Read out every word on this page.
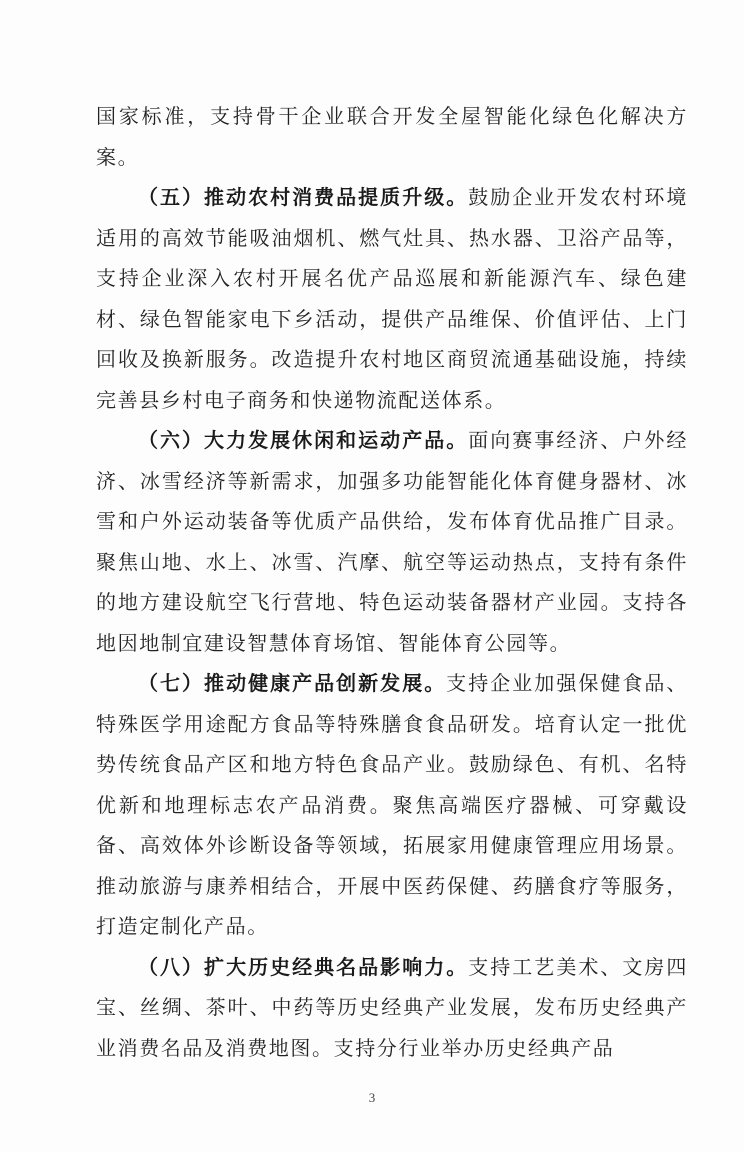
国家标准，支持骨干企业联合开发全屋智能化绿色化解决方案。

（五）推动农村消费品提质升级。鼓励企业开发农村环境适用的高效节能吸油烟机、燃气灶具、热水器、卫浴产品等，支持企业深入农村开展名优产品巡展和新能源汽车、绿色建材、绿色智能家电下乡活动，提供产品维保、价值评估、上门回收及换新服务。改造提升农村地区商贸流通基础设施，持续完善县乡村电子商务和快递物流配送体系。

（六）大力发展休闲和运动产品。面向赛事经济、户外经济、冰雪经济等新需求，加强多功能智能化体育健身器材、冰雪和户外运动装备等优质产品供给，发布体育优品推广目录。聚焦山地、水上、冰雪、汽摩、航空等运动热点，支持有条件的地方建设航空飞行营地、特色运动装备器材产业园。支持各地因地制宜建设智慧体育场馆、智能体育公园等。

（七）推动健康产品创新发展。支持企业加强保健食品、特殊医学用途配方食品等特殊膳食食品研发。培育认定一批优势传统食品产区和地方特色食品产业。鼓励绿色、有机、名特优新和地理标志农产品消费。聚焦高端医疗器械、可穿戴设备、高效体外诊断设备等领域，拓展家用健康管理应用场景。推动旅游与康养相结合，开展中医药保健、药膳食疗等服务，打造定制化产品。

（八）扩大历史经典名品影响力。支持工艺美术、文房四宝、丝绸、茶叶、中药等历史经典产业发展，发布历史经典产业消费名品及消费地图。支持分行业举办历史经典产品

3
